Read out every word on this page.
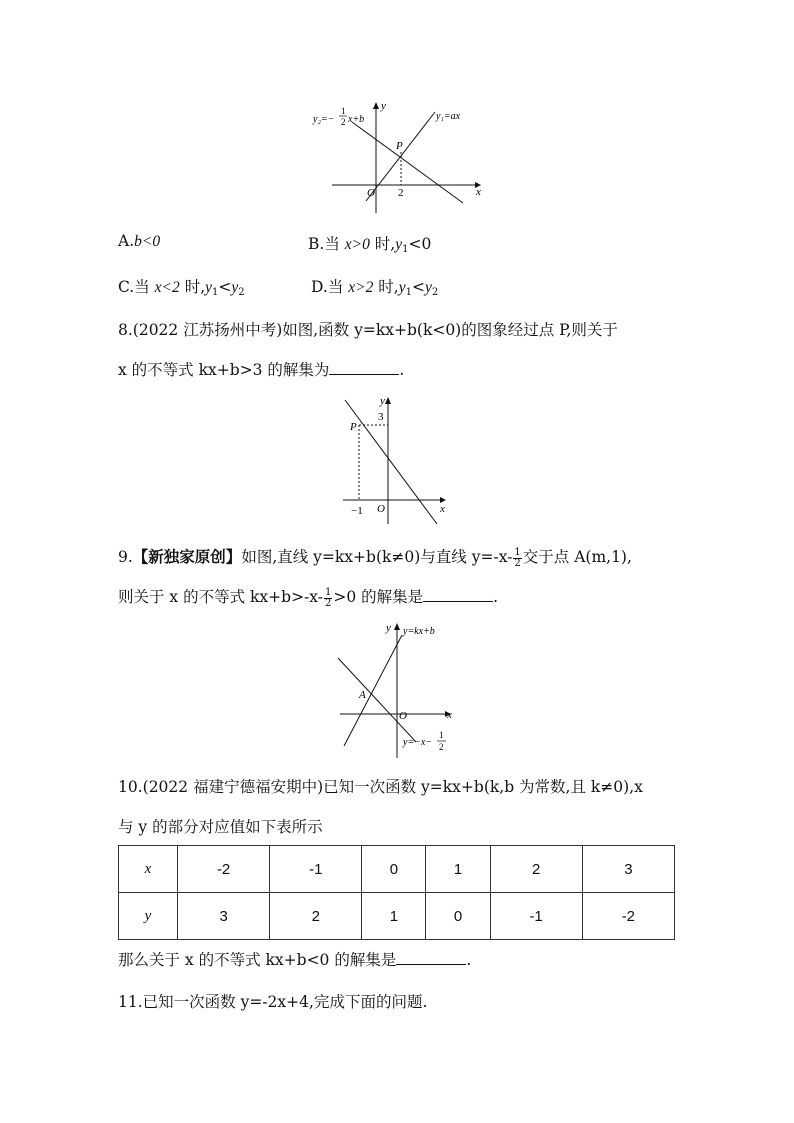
y₂=−
1
2 x+b
y
y₁=ax
P
O 2	x
A.b<0	B.当 x>0 时$,y_1<0$
C.当 x<2 时$,y_1<y_2$	D.当 x>2 时$,y_1<y_2$
8.(2022 江苏扬州中考)如图,函数 y=kx+b(k<0)的图象经过点 P,则关于
x 的不等式 kx+b>3 的解集为	.
y
3
P
−1 O	x
9.【新独家原创】如图,直线 y=kx+b(k≠0)与直线 $y=-x- \frac{1}{2}$ 交于点 A(m,1),
则关于 x 的不等式 $kx+b>-x- \frac{1}{2} >0$ 的解集是	.
y y=kx+b
A
O	x
y=−x−
1
2
10.(2022 福建宁德福安期中)已知一次函数 y=kx+b(k,b 为常数,且 k≠0),x
与 y 的部分对应值如下表所示
x	-2	-1	0	1	2	3
y	3	2	1	0	-1	-2
那么关于 x 的不等式 kx+b<0 的解集是	.
11.已知一次函数 y=-2x+4,完成下面的问题.
